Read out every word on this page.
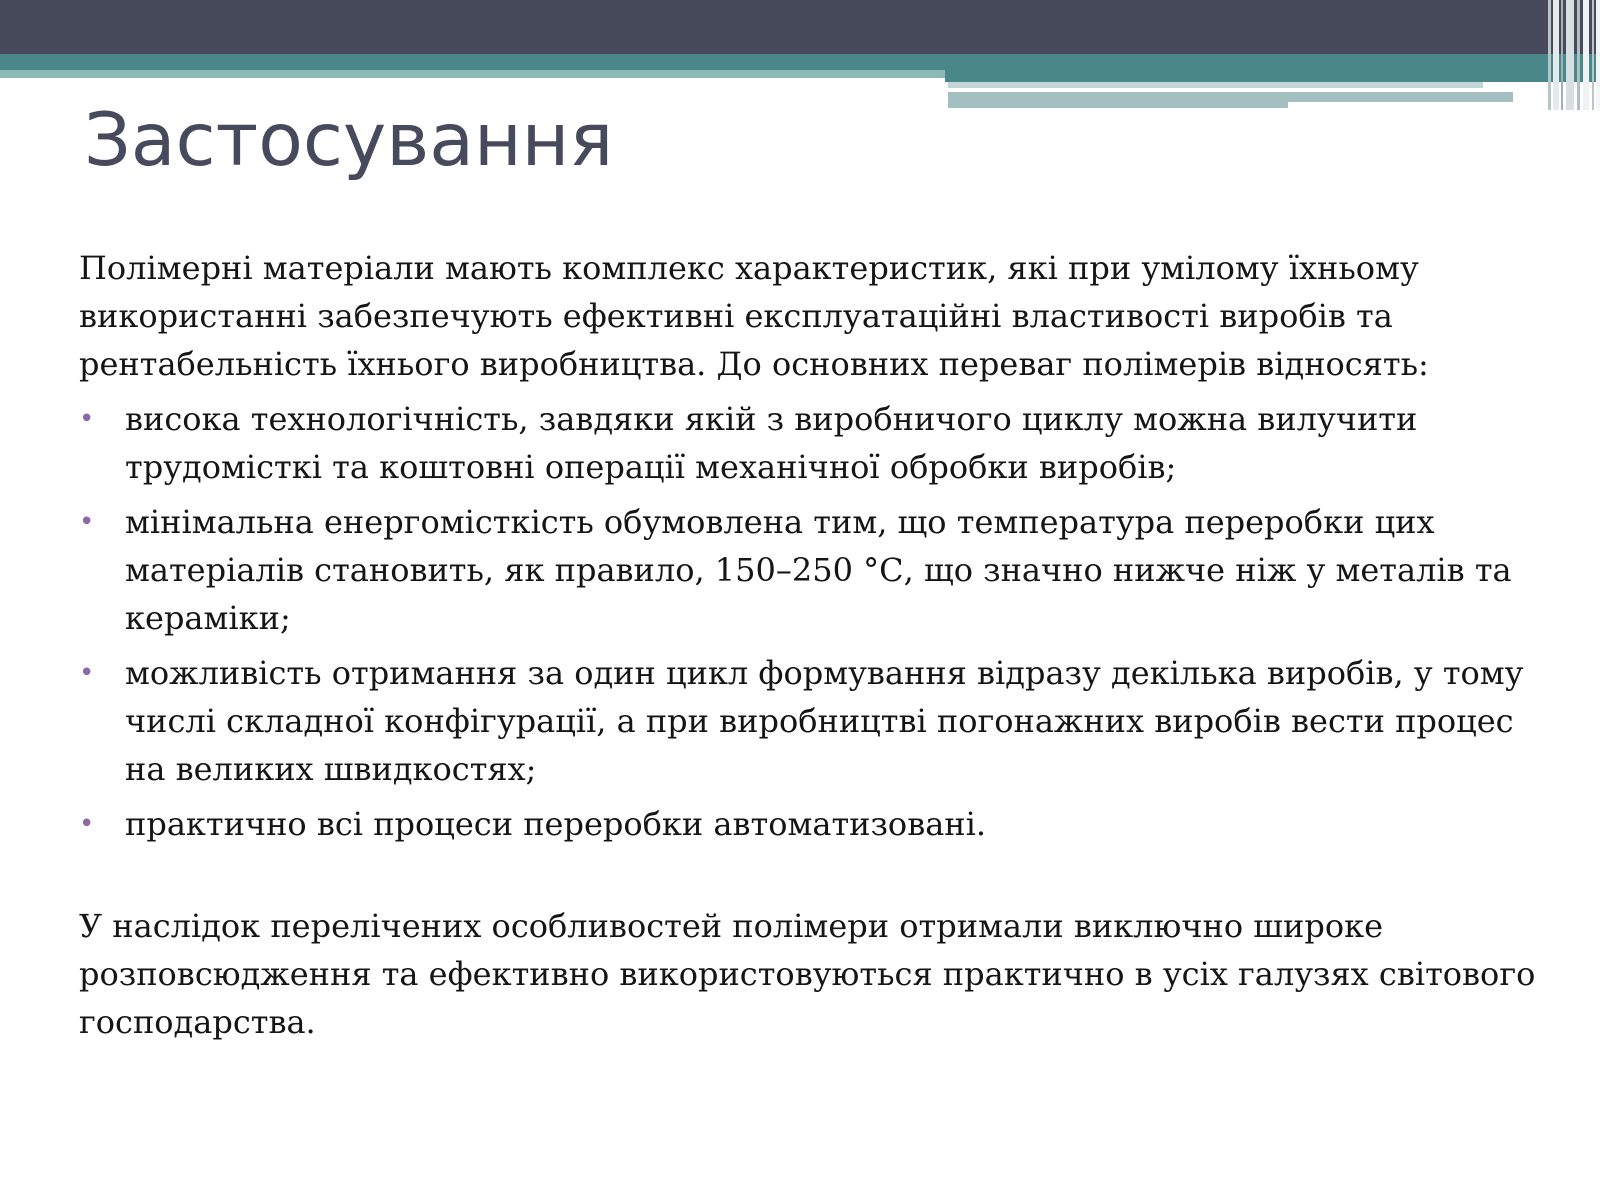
Застосування

Полімерні матеріали мають комплекс характеристик, які при умілому їхньому використанні забезпечують ефективні експлуатаційні властивості виробів та рентабельність їхнього виробництва. До основних переваг полімерів відносять:

• висока технологічність, завдяки якій з виробничого циклу можна вилучити трудомісткі та коштовні операції механічної обробки виробів;
• мінімальна енергомісткість обумовлена тим, що температура переробки цих матеріалів становить, як правило, 150–250 °С, що значно нижче ніж у металів та кераміки;
• можливість отримання за один цикл формування відразу декілька виробів, у тому числі складної конфігурації, а при виробництві погонажних виробів вести процес на великих швидкостях;
• практично всі процеси переробки автоматизовані.

У наслідок перелічених особливостей полімери отримали виключно широке розповсюдження та ефективно використовуються практично в усіх галузях світового господарства.
